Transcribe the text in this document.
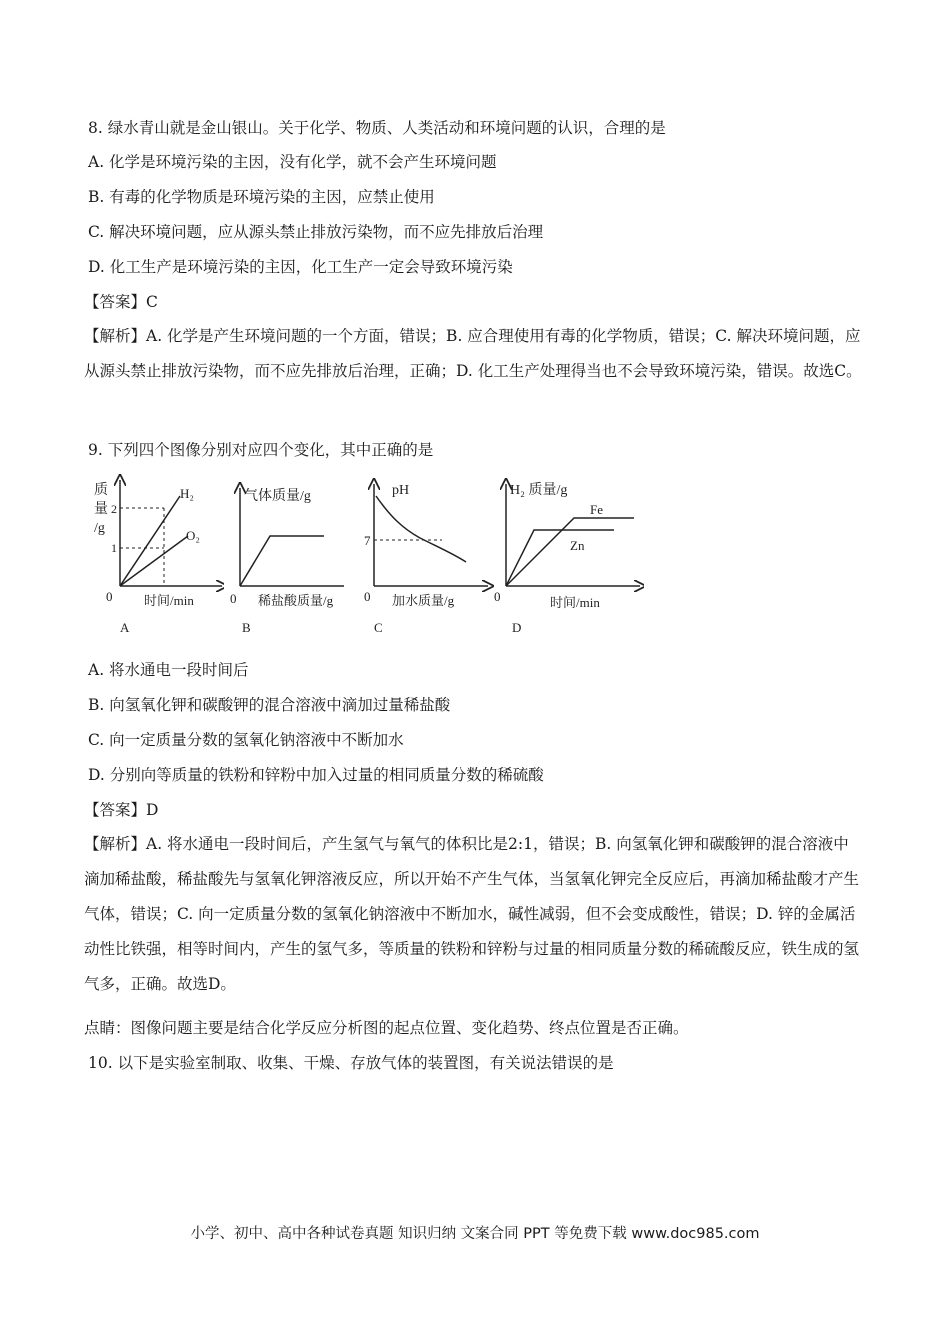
8. 绿水青山就是金山银山。关于化学、物质、人类活动和环境问题的认识，合理的是
A. 化学是环境污染的主因，没有化学，就不会产生环境问题
B. 有毒的化学物质是环境污染的主因，应禁止使用
C. 解决环境问题，应从源头禁止排放污染物，而不应先排放后治理
D. 化工生产是环境污染的主因，化工生产一定会导致环境污染
【答案】C
【解析】A. 化学是产生环境问题的一个方面，错误；B. 应合理使用有毒的化学物质，错误；C. 解决环境问题，应从源头禁止排放污染物，而不应先排放后治理，正确；D. 化工生产处理得当也不会导致环境污染，错误。故选C。
9. 下列四个图像分别对应四个变化，其中正确的是
质
量
/g
2
1
H₂
O₂
0 时间/min
A
气体质量/g
0 稀盐酸质量/g
B
pH
7
0 加水质量/g
C
H₂ 质量/g
Fe
Zn
0	时间/min
D
A. 将水通电一段时间后
B. 向氢氧化钾和碳酸钾的混合溶液中滴加过量稀盐酸
C. 向一定质量分数的氢氧化钠溶液中不断加水
D. 分别向等质量的铁粉和锌粉中加入过量的相同质量分数的稀硫酸
【答案】D
【解析】A. 将水通电一段时间后，产生氢气与氧气的体积比是2:1，错误；B. 向氢氧化钾和碳酸钾的混合溶液中滴加稀盐酸，稀盐酸先与氢氧化钾溶液反应，所以开始不产生气体，当氢氧化钾完全反应后，再滴加稀盐酸才产生气体，错误；C. 向一定质量分数的氢氧化钠溶液中不断加水，碱性减弱，但不会变成酸性，错误；D. 锌的金属活动性比铁强，相等时间内，产生的氢气多，等质量的铁粉和锌粉与过量的相同质量分数的稀硫酸反应，铁生成的氢气多，正确。故选D。
点睛：图像问题主要是结合化学反应分析图的起点位置、变化趋势、终点位置是否正确。
10. 以下是实验室制取、收集、干燥、存放气体的装置图，有关说法错误的是
小学、初中、高中各种试卷真题 知识归纳 文案合同 PPT 等免费下载 www.doc985.com
